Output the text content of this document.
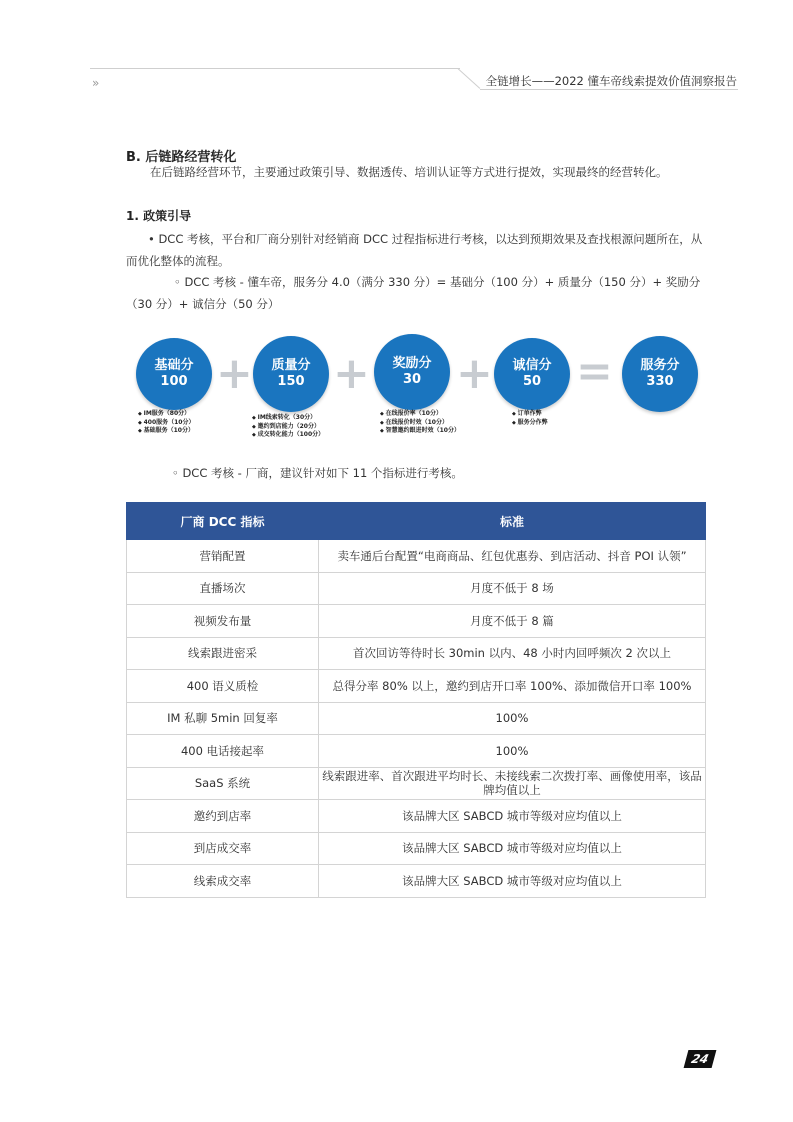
»	全链增长——2022 懂车帝线索提效价值洞察报告
B. 后链路经营转化
在后链路经营环节，主要通过政策引导、数据透传、培训认证等方式进行提效，实现最终的经营转化。
1. 政策引导
• DCC 考核，平台和厂商分别针对经销商 DCC 过程指标进行考核，以达到预期效果及查找根源问题所在，从而优化整体的流程。
◦ DCC 考核 - 懂车帝，服务分 4.0（满分 330 分）= 基础分（100 分）+ 质量分（150 分）+ 奖励分（30 分）+ 诚信分（50 分）
基础分
100 + 质量分
150 + 奖励分
30 + 诚信分
50 = 服务分
330
◆ IM服务（80分）
◆ 400服务（10分）
◆ 基础服务（10分）
◆ IM线索转化（30分）
◆ 邀约到店能力（20分）
◆ 成交转化能力（100分）
◆ 在线报价率（10分）
◆ 在线报价时效（10分）
◆ 智慧邀约跟进时效（10分）
◆ 订单作弊
◆ 服务分作弊
◦ DCC 考核 - 厂商，建议针对如下 11 个指标进行考核。
厂商 DCC 指标	标准
营销配置	卖车通后台配置“电商商品、红包优惠券、到店活动、抖音 POI 认领”
直播场次	月度不低于 8 场
视频发布量	月度不低于 8 篇
线索跟进密采	首次回访等待时长 30min 以内、48 小时内回呼频次 2 次以上
400 语义质检	总得分率 80% 以上，邀约到店开口率 100%、添加微信开口率 100%
IM 私聊 5min 回复率	100%
400 电话接起率	100%
SaaS 系统	线索跟进率、首次跟进平均时长、未接线索二次拨打率、画像使用率，该品牌均值以上
邀约到店率	该品牌大区 SABCD 城市等级对应均值以上
到店成交率	该品牌大区 SABCD 城市等级对应均值以上
线索成交率	该品牌大区 SABCD 城市等级对应均值以上
24
